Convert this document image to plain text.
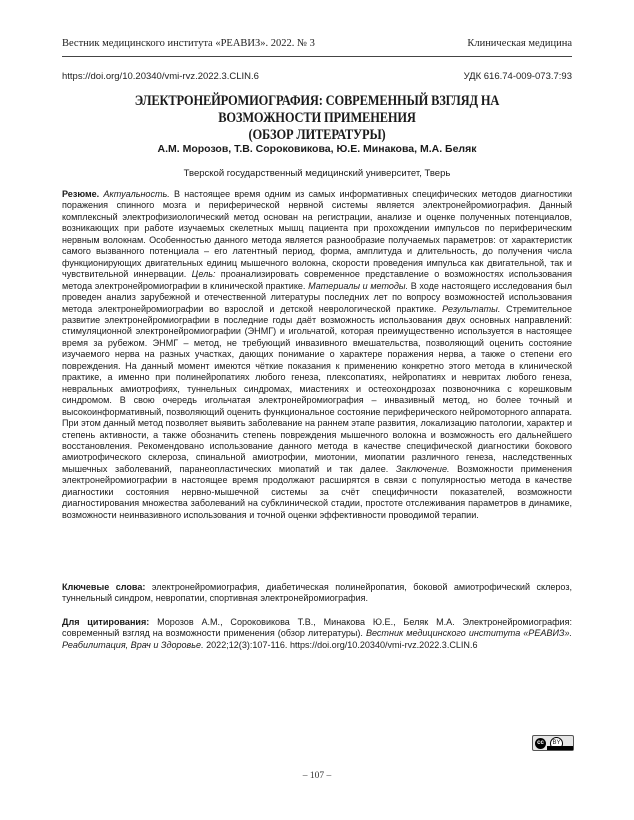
Вестник медицинского института «РЕАВИЗ». 2022. № 3	Клиническая медицина
https://doi.org/10.20340/vmi-rvz.2022.3.CLIN.6	УДК 616.74-009-073.7:93
ЭЛЕКТРОНЕЙРОМИОГРАФИЯ: СОВРЕМЕННЫЙ ВЗГЛЯД НА ВОЗМОЖНОСТИ ПРИМЕНЕНИЯ
(ОБЗОР ЛИТЕРАТУРЫ)
А.М. Морозов, Т.В. Сороковикова, Ю.Е. Минакова, М.А. Беляк
Тверской государственный медицинский университет, Тверь

Резюме. Актуальность. В настоящее время одним из самых информативных специфических методов диагностики поражения спинного мозга и периферической нервной системы является электронейромиография. Данный комплексный электрофизиологический метод основан на регистрации, анализе и оценке полученных потенциалов, возникающих при работе изучаемых скелетных мышц пациента при прохождении импульсов по периферическим нервным волокнам. Особенностью данного метода является разнообразие получаемых параметров: от характеристик самого вызванного потенциала – его латентный период, форма, амплитуда и длительность, до получения числа функционирующих двигательных единиц мышечного волокна, скорости проведения импульса как двигательной, так и чувствительной иннервации. Цель: проанализировать современное представление о возможностях использования метода электронейромиографии в клинической практике. Материалы и методы. В ходе настоящего исследования был проведен анализ зарубежной и отечественной литературы последних лет по вопросу возможностей использования метода электронейромиографии во взрослой и детской неврологической практике. Результаты. Стремительное развитие электронейромиографии в последние годы даёт возможность использования двух основных направлений: стимуляционной электронейромиографии (ЭНМГ) и игольчатой, которая преимущественно используется в настоящее время за рубежом. ЭНМГ – метод, не требующий инвазивного вмешательства, позволяющий оценить состояние изучаемого нерва на разных участках, дающих понимание о характере поражения нерва, а также о степени его повреждения. На данный момент имеются чёткие показания к применению конкретно этого метода в клинической практике, а именно при полинейропатиях любого генеза, плексопатиях, нейропатиях и невритах любого генеза, невральных амиотрофиях, туннельных синдромах, миастениях и остеохондрозах позвоночника с корешковым синдромом. В свою очередь игольчатая электронейромиография – инвазивный метод, но более точный и высокоинформативный, позволяющий оценить функциональное состояние периферического нейромоторного аппарата. При этом данный метод позволяет выявить заболевание на раннем этапе развития, локализацию патологии, характер и степень активности, а также обозначить степень повреждения мышечного волокна и возможность его дальнейшего восстановления. Рекомендовано использование данного метода в качестве специфической диагностики бокового амиотрофического склероза, спинальной амиотрофии, миотонии, миопатии различного генеза, наследственных мышечных заболеваний, паранеопластических миопатий и так далее. Заключение. Возможности применения электронейромиографии в настоящее время продолжают расширятся в связи с популярностью метода в качестве диагностики состояния нервно-мышечной системы за счёт специфичности показателей, возможности диагностирования множества заболеваний на субклинической стадии, простоте отслеживания параметров в динамике, возможности неинвазивного использования и точной оценки эффективности проводимой терапии.

Ключевые слова: электронейромиография, диабетическая полинейропатия, боковой амиотрофический склероз, туннельный синдром, невропатии, спортивная электронейромиография.

Для цитирования: Морозов А.М., Сороковикова Т.В., Минакова Ю.Е., Беляк М.А. Электронейромиография: современный взгляд на возможности применения (обзор литературы). Вестник медицинского института «РЕАВИЗ». Реабилитация, Врач и Здоровье. 2022;12(3):107-116. https://doi.org/10.20340/vmi-rvz.2022.3.CLIN.6

cc	BY
– 107 –
